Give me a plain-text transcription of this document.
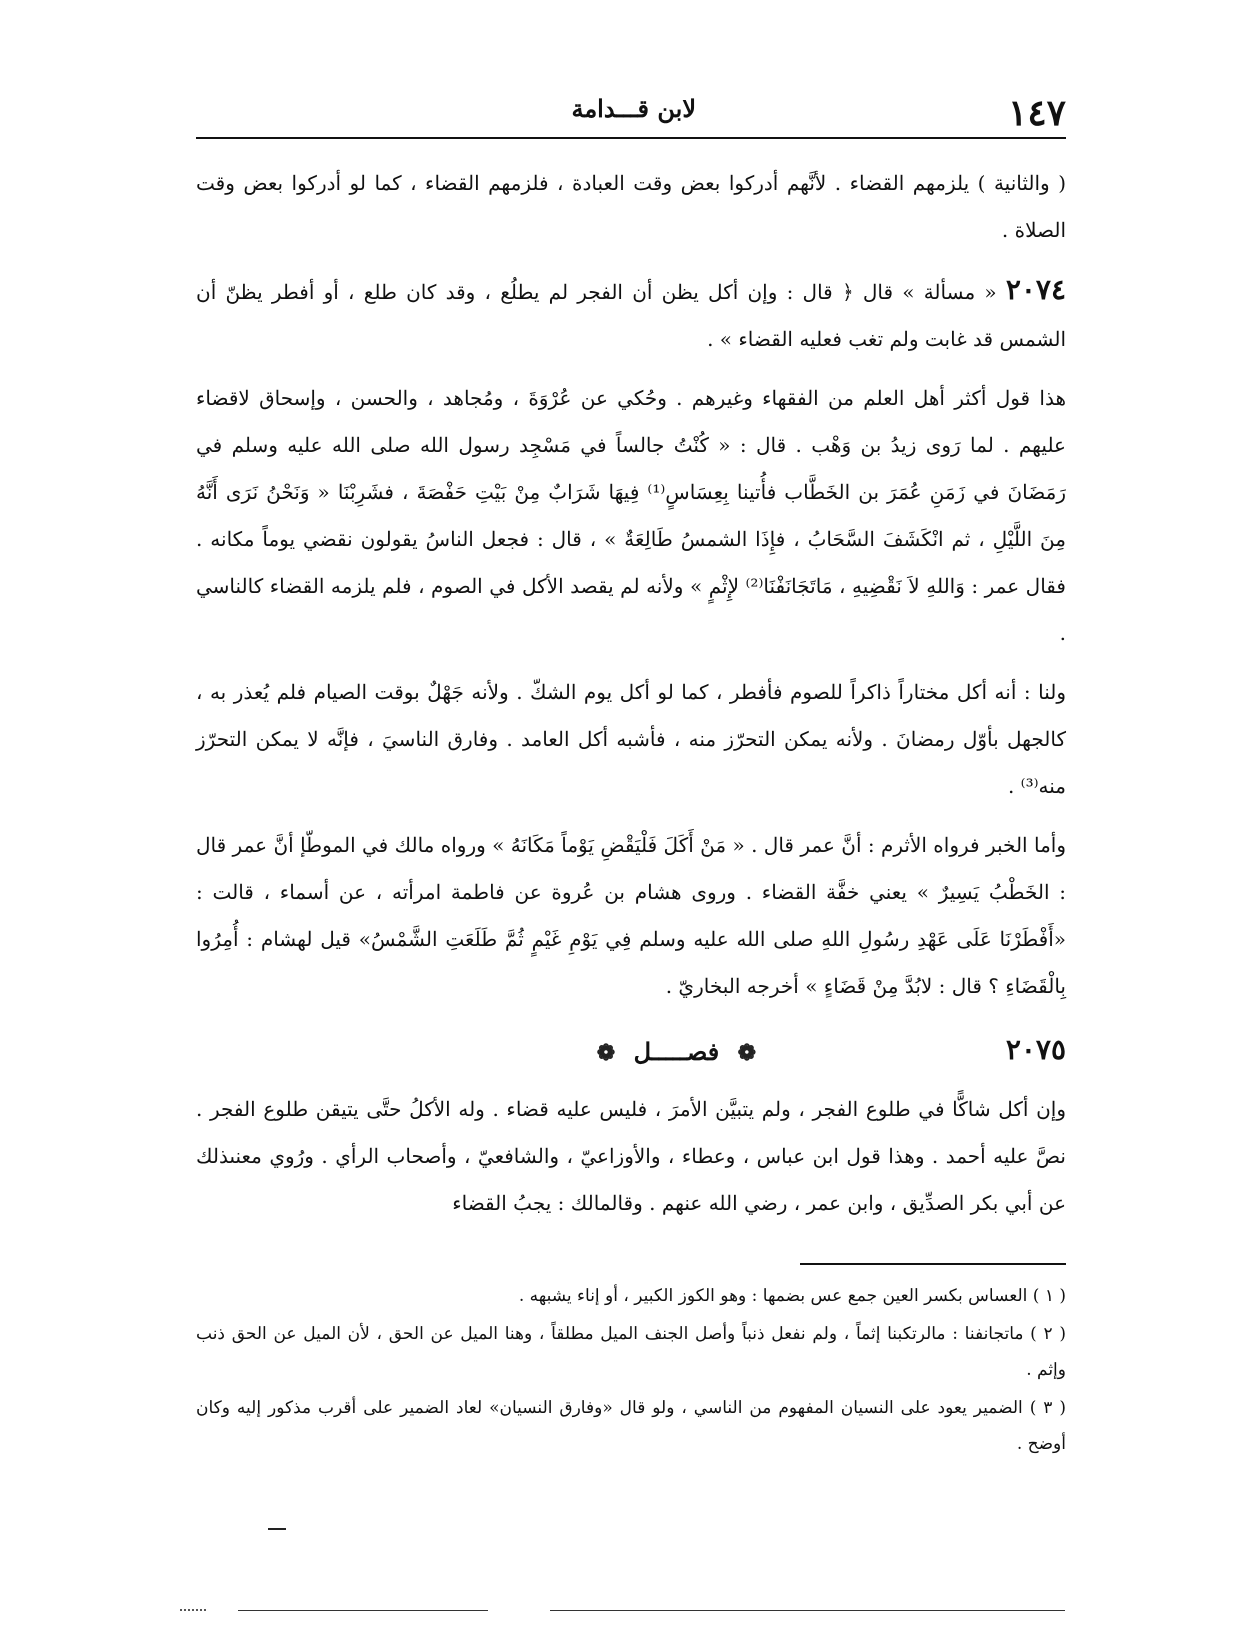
١٤٧
لابن قـــدامة

( والثانية ) يلزمهم القضاء . لأنَّهم أدركوا بعض وقت العبادة ، فلزمهم القضاء ، كما لو أدركوا بعض وقت الصلاة .

٢٠٧٤ « مسألة » قال ﴿ قال : وإن أكل يظن أن الفجر لم يطلُع ، وقد كان طلع ، أو أفطر يظنّ أن الشمس قد غابت ولم تغب فعليه القضاء » .

هذا قول أكثر أهل العلم من الفقهاء وغيرهم . وحُكي عن عُرْوَةَ ، ومُجاهد ، والحسن ، وإسحاق لاقضاء عليهم . لما رَوى زيدُ بن وَهْب . قال : « كُنْتُ جالساً في مَسْجِد رسول الله صلى الله عليه وسلم في رَمَضَانَ في زَمَنِ عُمَرَ بن الخَطَّاب فأُتينا بِعِسَاسٍ⁽¹⁾ فِيهَا شَرَابٌ مِنْ بَيْتِ حَفْصَةَ ، فشَرِبْنَا « وَنَحْنُ نَرَى أَنَّهُ مِنَ اللَّيْلِ ، ثم انْكَشَفَ السَّحَابُ ، فإِذَا الشمسُ طَالِعَةٌ » ، قال : فجعل الناسُ يقولون نقضي يوماً مكانه . فقال عمر : وَاللهِ لاَ نَقْضِيهِ ، مَاتَجَانَفْنَا⁽²⁾ لإِثْمٍ » ولأنه لم يقصد الأكل في الصوم ، فلم يلزمه القضاء كالناسي .

ولنا : أنه أكل مختاراً ذاكراً للصوم فأفطر ، كما لو أكل يوم الشكّ . ولأنه جَهْلٌ بوقت الصيام فلم يُعذر به ، كالجهل بأوّل رمضانَ . ولأنه يمكن التحرّز منه ، فأشبه أكل العامد . وفارق الناسيَ ، فإنَّه لا يمكن التحرّز منه⁽³⁾ .

وأما الخبر فرواه الأثرم : أنَّ عمر قال . « مَنْ أَكَلَ فَلْيَقْضِ يَوْماً مَكَانَهُ » ورواه مالك في الموطّإ أنَّ عمر قال : الخَطْبُ يَسِيرٌ » يعني خفَّة القضاء . وروى هشام بن عُروة عن فاطمة امرأته ، عن أسماء ، قالت : «أَفْطَرْنَا عَلَى عَهْدِ رسُولِ اللهِ صلى الله عليه وسلم فِي يَوْمِ غَيْمٍ ثُمَّ طَلَعَتِ الشَّمْسُ» قيل لهشام : أُمِرُوا بِالْقَضَاءِ ؟ قال : لابُدَّ مِنْ قَضَاءٍ » أخرجه البخاريّ .

٢٠٧٥
❁ فصـــــل ❁

وإن أكل شاكًّا في طلوع الفجر ، ولم يتبيَّن الأمرَ ، فليس عليه قضاء . وله الأكلُ حتَّى يتيقن طلوع الفجر . نصَّ عليه أحمد . وهذا قول ابن عباس ، وعطاء ، والأوزاعيّ ، والشافعيّ ، وأصحاب الرأي . ورُوي معنىذلك عن أبي بكر الصدِّيق ، وابن عمر ، رضي الله عنهم . وقالمالك : يجبُ القضاء

( ١ ) العساس بكسر العين جمع عس بضمها : وهو الكوز الكبير ، أو إناء يشبهه .

( ٢ ) ماتجانفنا : مالرتكبنا إثماً ، ولم نفعل ذنباً وأصل الجنف الميل مطلقاً ، وهنا الميل عن الحق ، لأن الميل عن الحق ذنب وإثم .

( ٣ ) الضمير يعود على النسيان المفهوم من الناسي ، ولو قال «وفارق النسيان» لعاد الضمير على أقرب مذكور إليه وكان أوضح .
